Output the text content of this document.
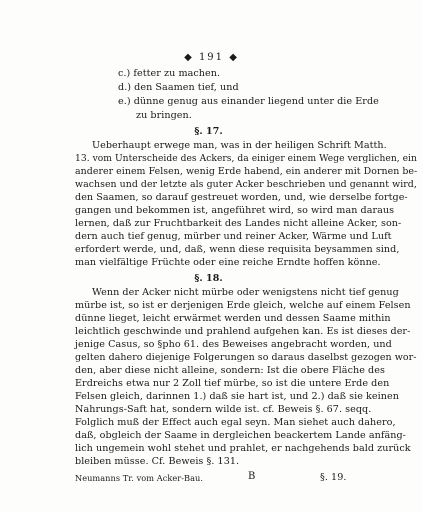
◆ 191 ◆
c.) fetter zu machen.
d.) den Saamen tief, und
e.) dünne genug aus einander liegend unter die Erde
zu bringen.
§. 17.
Ueberhaupt erwege man, was in der heiligen Schrift Matth.
13. vom Unterscheide des Ackers, da einiger einem Wege verglichen, ein
anderer einem Felsen, wenig Erde habend, ein anderer mit Dornen be-
wachsen und der letzte als guter Acker beschrieben und genannt wird,
den Saamen, so darauf gestreuet worden, und, wie derselbe fortge-
gangen und bekommen ist, angeführet wird, so wird man daraus
lernen, daß zur Fruchtbarkeit des Landes nicht alleine Acker, son-
dern auch tief genug, mürber und reiner Acker, Wärme und Luft
erfordert werde, und, daß, wenn diese requisita beysammen sind,
man vielfältige Früchte oder eine reiche Erndte hoffen könne.
§. 18.
Wenn der Acker nicht mürbe oder wenigstens nicht tief genug
mürbe ist, so ist er derjenigen Erde gleich, welche auf einem Felsen
dünne lieget, leicht erwärmet werden und dessen Saame mithin
leichtlich geschwinde und prahlend aufgehen kan. Es ist dieses der-
jenige Casus, so §pho 61. des Beweises angebracht worden, und
gelten dahero diejenige Folgerungen so daraus daselbst gezogen wor-
den, aber diese nicht alleine, sondern: Ist die obere Fläche des
Erdreichs etwa nur 2 Zoll tief mürbe, so ist die untere Erde den
Felsen gleich, darinnen 1.) daß sie hart ist, und 2.) daß sie keinen
Nahrungs-Saft hat, sondern wilde ist. cf. Beweis §. 67. seqq.
Folglich muß der Effect auch egal seyn. Man siehet auch dahero,
daß, obgleich der Saame in dergleichen beackertem Lande anfäng-
lich ungemein wohl stehet und prahlet, er nachgehends bald zurück
bleiben müsse. Cf. Beweis §. 131.
Neumanns Tr. vom Acker-Bau.	B	§. 19.
